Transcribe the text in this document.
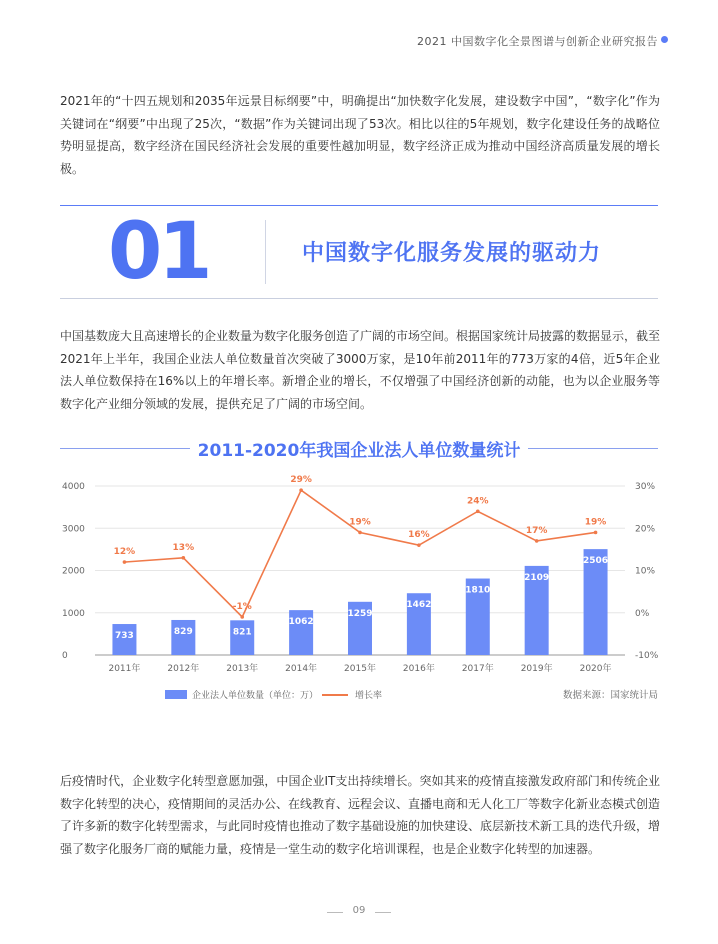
2021 中国数字化全景图谱与创新企业研究报告

2021年的“十四五规划和2035年远景目标纲要”中，明确提出“加快数字化发展，建设数字中国”，“数字化”作为关键词在“纲要”中出现了25次，“数据”作为关键词出现了53次。相比以往的5年规划，数字化建设任务的战略位势明显提高，数字经济在国民经济社会发展的重要性越加明显，数字经济正成为推动中国经济高质量发展的增长极。

01	中国数字化服务发展的驱动力

中国基数庞大且高速增长的企业数量为数字化服务创造了广阔的市场空间。根据国家统计局披露的数据显示，截至2021年上半年，我国企业法人单位数量首次突破了3000万家，是10年前2011年的773万家的4倍，近5年企业法人单位数保持在16%以上的年增长率。新增企业的增长，不仅增强了中国经济创新的动能，也为以企业服务等数字化产业细分领域的发展，提供充足了广阔的市场空间。

2011-2020年我国企业法人单位数量统计
0
1000
2000
3000
4000
-10%
0%
10%
20%
30%
733
2011年
829
2012年
821
2013年
1062
2014年
1259
2015年
1462
2016年
1810
2017年
2109
2019年
2506
2020年
12%	13%
-1%
29%
19%
16%
24%
17%
19%
企业法人单位数量（单位：万）	增长率	数据来源：国家统计局

后疫情时代，企业数字化转型意愿加强，中国企业IT支出持续增长。突如其来的疫情直接激发政府部门和传统企业数字化转型的决心，疫情期间的灵活办公、在线教育、远程会议、直播电商和无人化工厂等数字化新业态模式创造了许多新的数字化转型需求，与此同时疫情也推动了数字基础设施的加快建设、底层新技术新工具的迭代升级，增强了数字化服务厂商的赋能力量，疫情是一堂生动的数字化培训课程，也是企业数字化转型的加速器。

09
